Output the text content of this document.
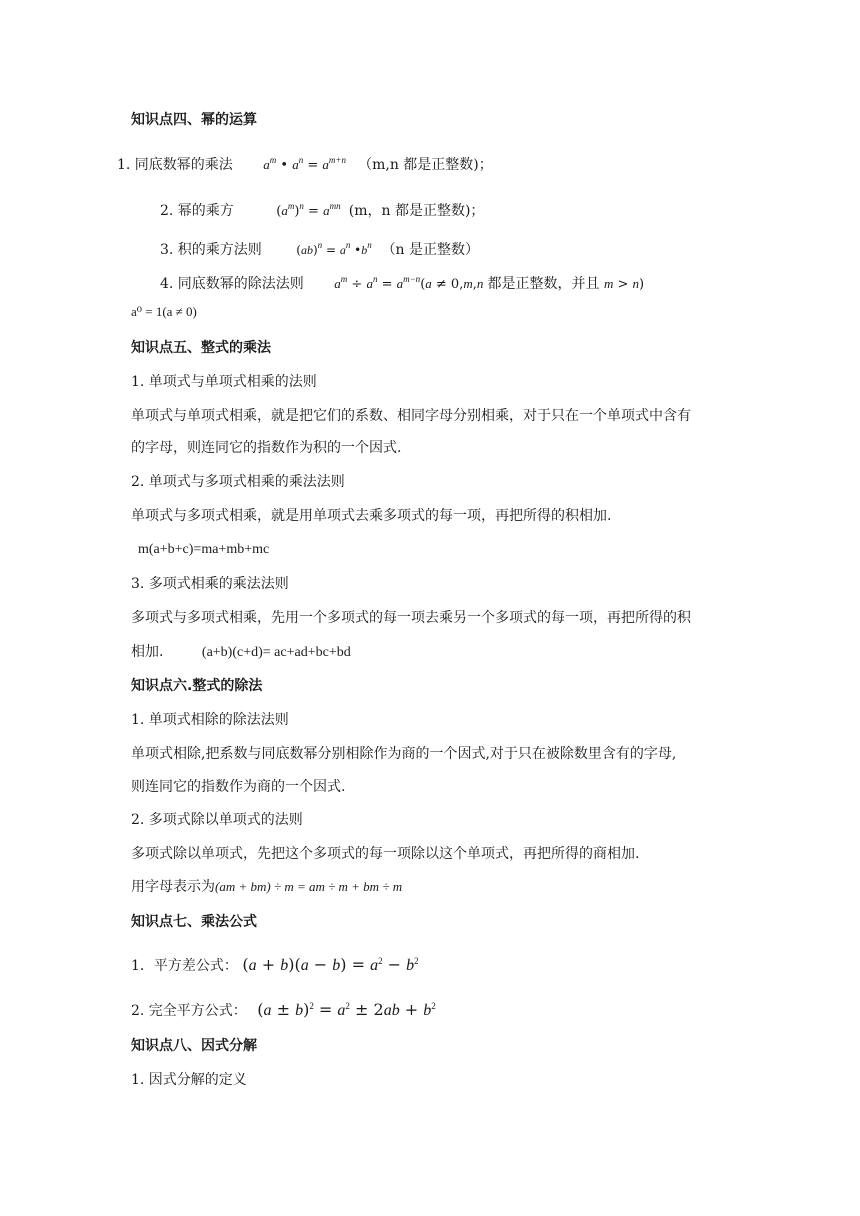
知识点四、幂的运算
1. 同底数幂的乘法 $a^m$ • $a^n = a^{m+n}$ （m,n 都是正整数)；
2. 幂的乘方	$(a^m)^n = a^{mn}$ (m，n 都是正整数)；
3. 积的乘方法则	$(ab)^n = a^n$ $•b^n$ （n 是正整数）
4. 同底数幂的除法法则 $a^m \div a^n = a^{m-n}(a \ne 0,m,n$ 都是正整数，并且 m > n)
a⁰ = 1(a ≠ 0)
知识点五、整式的乘法
1. 单项式与单项式相乘的法则
单项式与单项式相乘，就是把它们的系数、相同字母分别相乘，对于只在一个单项式中含有
的字母，则连同它的指数作为积的一个因式.
2. 单项式与多项式相乘的乘法法则
单项式与多项式相乘，就是用单项式去乘多项式的每一项，再把所得的积相加.
m(a+b+c)=ma+mb+mc
3. 多项式相乘的乘法法则
多项式与多项式相乘，先用一个多项式的每一项去乘另一个多项式的每一项，再把所得的积
相加.	(a+b)(c+d)= ac+ad+bc+bd
知识点六.整式的除法
1. 单项式相除的除法法则
单项式相除,把系数与同底数幂分别相除作为商的一个因式,对于只在被除数里含有的字母,
则连同它的指数作为商的一个因式.
2. 多项式除以单项式的法则
多项式除以单项式，先把这个多项式的每一项除以这个单项式，再把所得的商相加.
用字母表示为(am + bm) ÷ m = am ÷ m + bm ÷ m
知识点七、乘法公式
1．平方差公式： $(a + b)(a - b) = a^2 - b^2$
2. 完全平方公式： $(a \pm b)^2 = a^2 \pm 2ab + b^2$
知识点八、因式分解
1. 因式分解的定义
